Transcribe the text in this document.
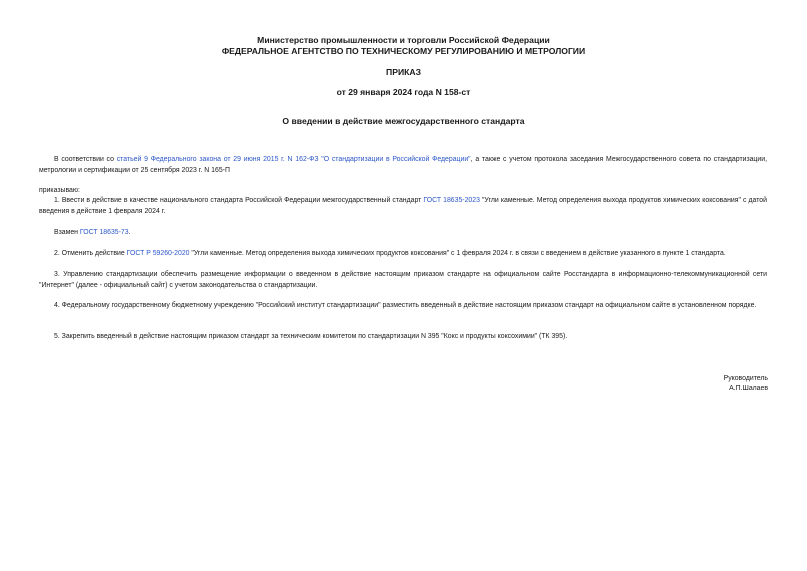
Министерство промышленности и торговли Российской Федерации
ФЕДЕРАЛЬНОЕ АГЕНТСТВО ПО ТЕХНИЧЕСКОМУ РЕГУЛИРОВАНИЮ И МЕТРОЛОГИИ
ПРИКАЗ
от 29 января 2024 года N 158-ст
О введении в действие межгосударственного стандарта
В соответствии со статьей 9 Федерального закона от 29 июня 2015 г. N 162-ФЗ "О стандартизации в Российской Федерации", а также с учетом протокола заседания Межгосударственного совета по стандартизации, метрологии и сертификации от 25 сентября 2023 г. N 165-П
приказываю:
1. Ввести в действие в качестве национального стандарта Российской Федерации межгосударственный стандарт ГОСТ 18635-2023 "Угли каменные. Метод определения выхода продуктов химических коксования" с датой введения в действие 1 февраля 2024 г.
Взамен ГОСТ 18635-73.
2. Отменить действие ГОСТ Р 59260-2020 "Угли каменные. Метод определения выхода химических продуктов коксования" с 1 февраля 2024 г. в связи с введением в действие указанного в пункте 1 стандарта.
3. Управлению стандартизации обеспечить размещение информации о введенном в действие настоящим приказом стандарте на официальном сайте Росстандарта в информационно-телекоммуникационной сети "Интернет" (далее - официальный сайт) с учетом законодательства о стандартизации.
4. Федеральному государственному бюджетному учреждению "Российский институт стандартизации" разместить введенный в действие настоящим приказом стандарт на официальном сайте в установленном порядке.
5. Закрепить введенный в действие настоящим приказом стандарт за техническим комитетом по стандартизации N 395 "Кокс и продукты коксохимии" (ТК 395).
Руководитель
А.П.Шалаев
